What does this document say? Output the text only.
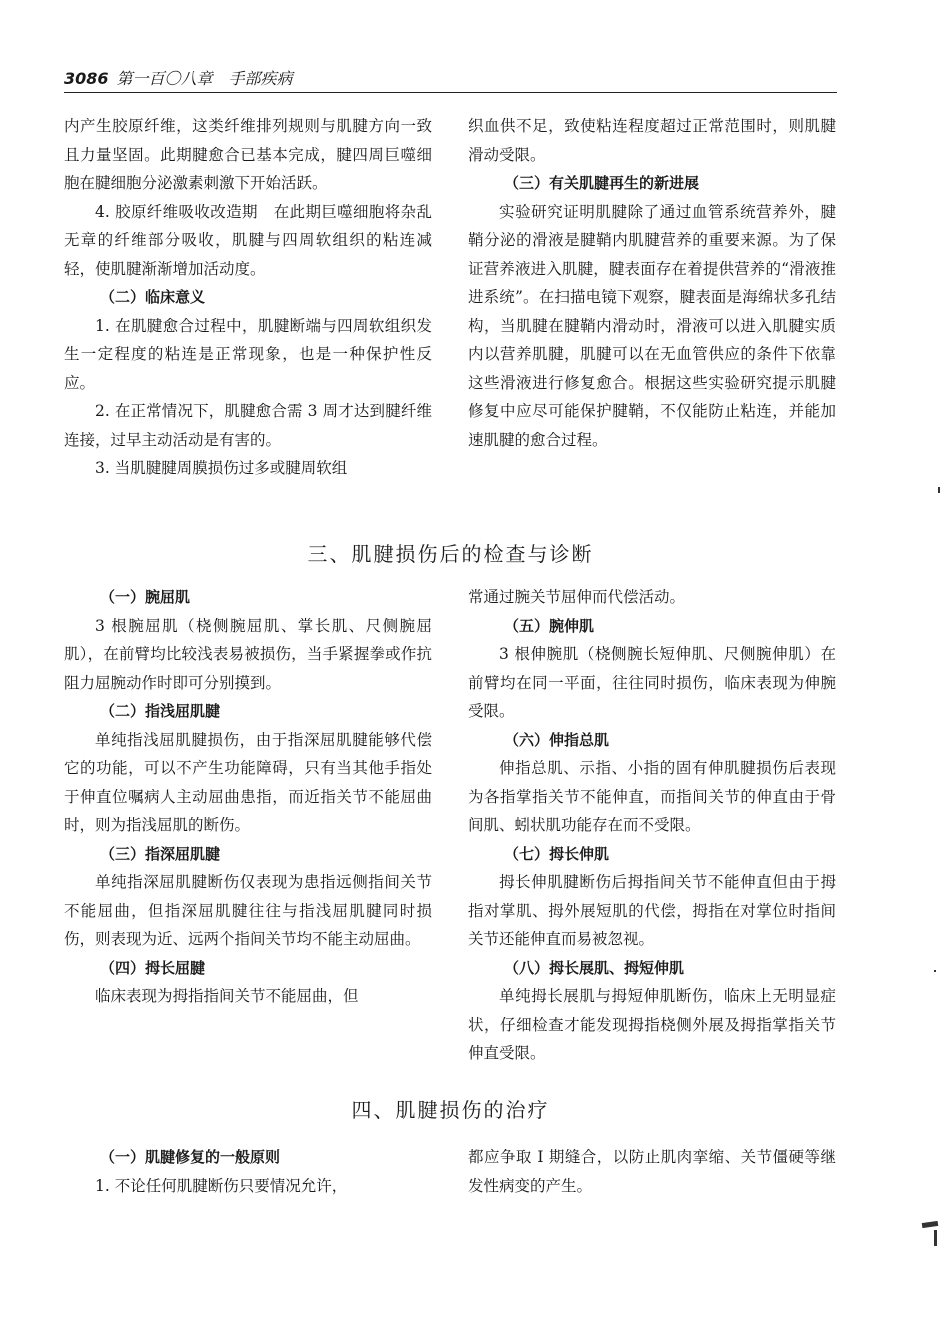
3086 第一百〇八章　手部疾病

内产生胶原纤维，这类纤维排列规则与肌腱方向一致且力量坚固。此期腱愈合已基本完成，腱四周巨噬细胞在腱细胞分泌激素刺激下开始活跃。

4. 胶原纤维吸收改造期　在此期巨噬细胞将杂乱无章的纤维部分吸收，肌腱与四周软组织的粘连减轻，使肌腱渐渐增加活动度。

（二）临床意义

1. 在肌腱愈合过程中，肌腱断端与四周软组织发生一定程度的粘连是正常现象，也是一种保护性反应。

2. 在正常情况下，肌腱愈合需 3 周才达到腱纤维连接，过早主动活动是有害的。

3. 当肌腱腱周膜损伤过多或腱周软组

织血供不足，致使粘连程度超过正常范围时，则肌腱滑动受限。

（三）有关肌腱再生的新进展

实验研究证明肌腱除了通过血管系统营养外，腱鞘分泌的滑液是腱鞘内肌腱营养的重要来源。为了保证营养液进入肌腱，腱表面存在着提供营养的“滑液推进系统”。在扫描电镜下观察，腱表面是海绵状多孔结构，当肌腱在腱鞘内滑动时，滑液可以进入肌腱实质内以营养肌腱，肌腱可以在无血管供应的条件下依靠这些滑液进行修复愈合。根据这些实验研究提示肌腱修复中应尽可能保护腱鞘，不仅能防止粘连，并能加速肌腱的愈合过程。

三、肌腱损伤后的检查与诊断
（一）腕屈肌

3 根腕屈肌（桡侧腕屈肌、掌长肌、尺侧腕屈肌），在前臂均比较浅表易被损伤，当手紧握拳或作抗阻力屈腕动作时即可分别摸到。

（二）指浅屈肌腱

单纯指浅屈肌腱损伤，由于指深屈肌腱能够代偿它的功能，可以不产生功能障碍，只有当其他手指处于伸直位嘱病人主动屈曲患指，而近指关节不能屈曲时，则为指浅屈肌的断伤。

（三）指深屈肌腱

单纯指深屈肌腱断伤仅表现为患指远侧指间关节不能屈曲，但指深屈肌腱往往与指浅屈肌腱同时损伤，则表现为近、远两个指间关节均不能主动屈曲。

（四）拇长屈腱

临床表现为拇指指间关节不能屈曲，但

常通过腕关节屈伸而代偿活动。

（五）腕伸肌

3 根伸腕肌（桡侧腕长短伸肌、尺侧腕伸肌）在前臂均在同一平面，往往同时损伤，临床表现为伸腕受限。

（六）伸指总肌

伸指总肌、示指、小指的固有伸肌腱损伤后表现为各指掌指关节不能伸直，而指间关节的伸直由于骨间肌、蚓状肌功能存在而不受限。

（七）拇长伸肌

拇长伸肌腱断伤后拇指间关节不能伸直但由于拇指对掌肌、拇外展短肌的代偿，拇指在对掌位时指间关节还能伸直而易被忽视。

（八）拇长展肌、拇短伸肌

单纯拇长展肌与拇短伸肌断伤，临床上无明显症状，仔细检查才能发现拇指桡侧外展及拇指掌指关节伸直受限。

四、肌腱损伤的治疗
（一）肌腱修复的一般原则

1. 不论任何肌腱断伤只要情况允许，

都应争取 I 期缝合，以防止肌肉挛缩、关节僵硬等继发性病变的产生。
